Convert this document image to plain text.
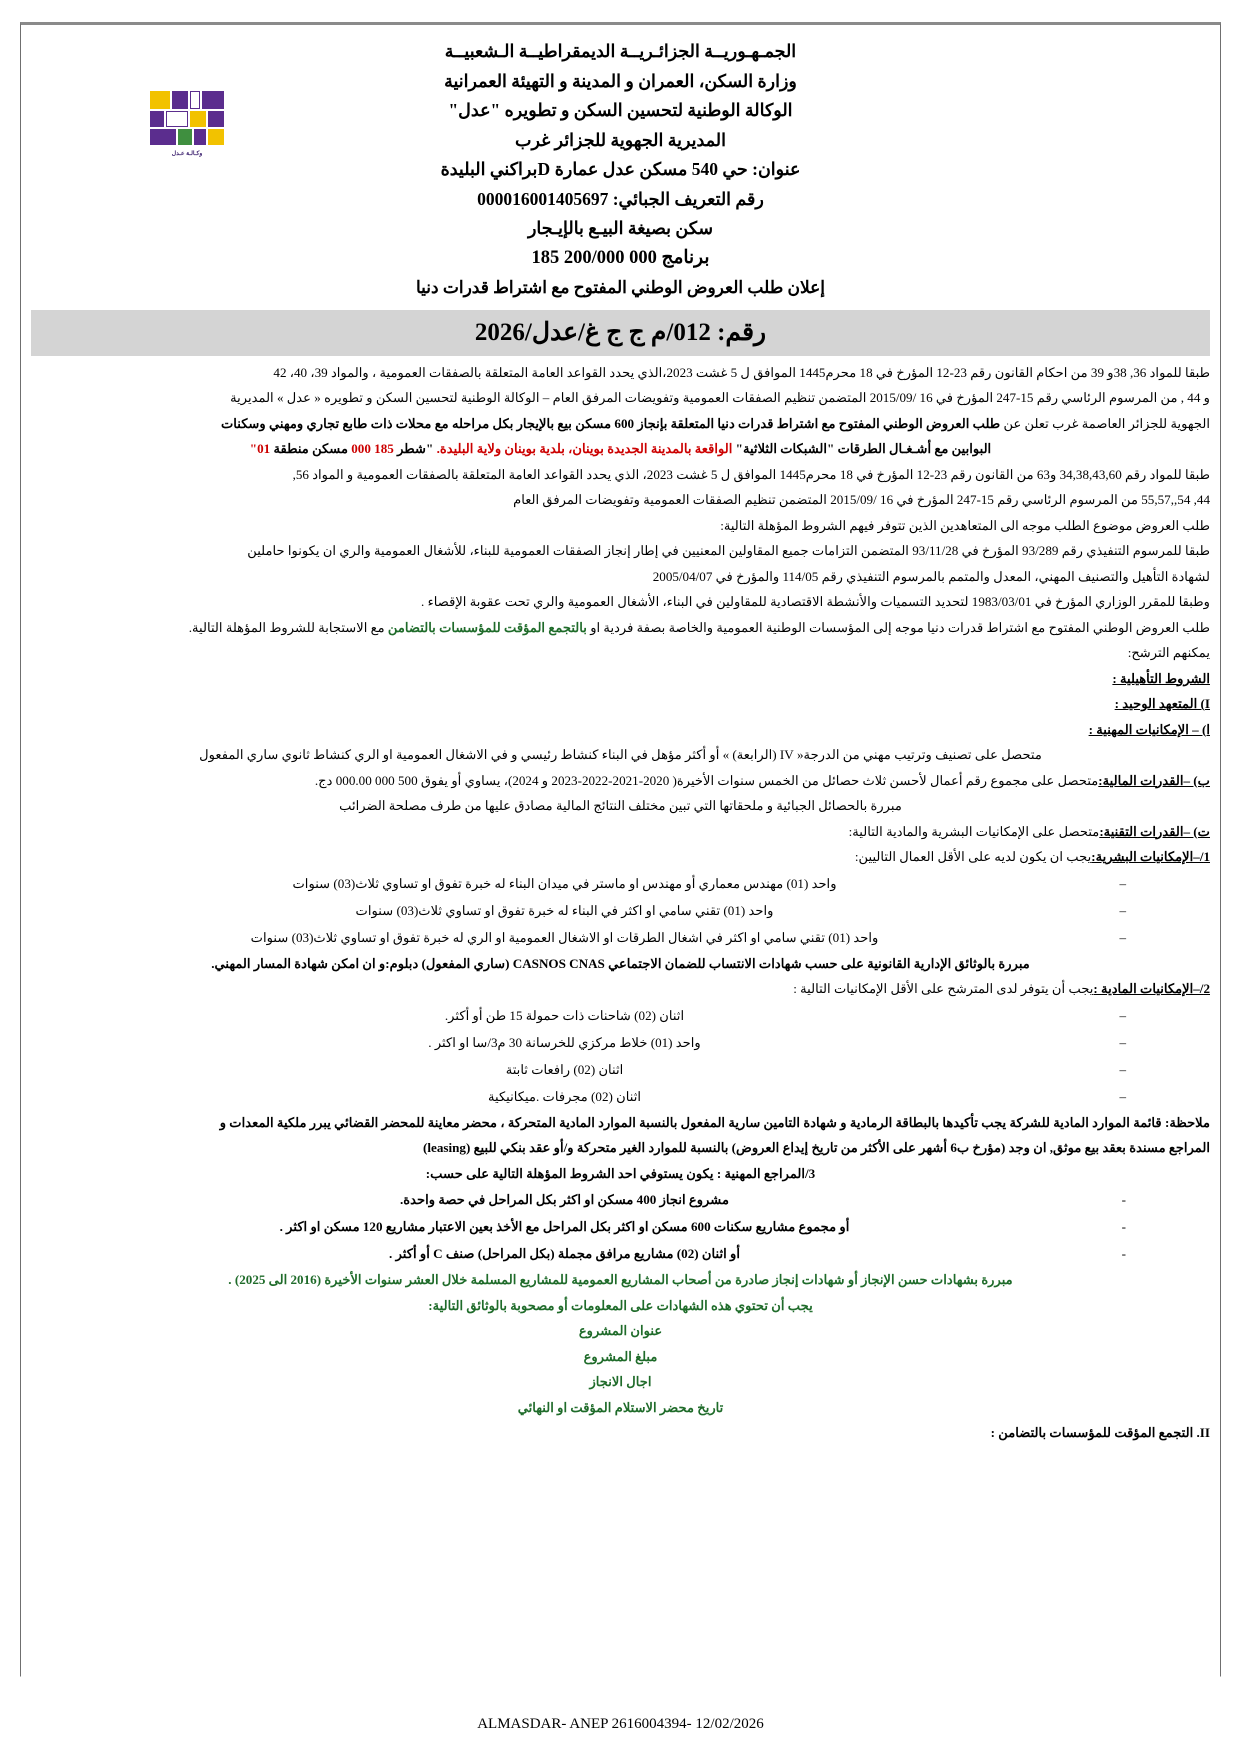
وكـالـة عـدل
الجمـهـوريــة الجزائـريــة الديمقراطيــة الـشعبيــة
وزارة السكن، العمران و المدينة و التهيئة العمرانية
الوكالة الوطنية لتحسين السكن و تطويره "عدل"
المديرية الجهوية للجزائر غرب
عنوان: حي 540 مسكن عدل عمارة Dبراكني البليدة
رقم التعريف الجبائي: 000016001405697
سكن بصيغة البيـع بالإيـجار
برنامج 000 200/000 185
إعلان طلب العروض الوطني المفتوح مع اشتراط قدرات دنيا
رقم: 012/م ج ج غ/عدل/2026

طبقا للمواد 36, 38و 39 من احكام القانون رقم 23-12 المؤرخ في 18 محرم1445 الموافق ل 5 غشت 2023،الذي يحدد القواعد العامة المتعلقة بالصفقات العمومية ، والمواد 39، 40، 42

و 44 , من المرسوم الرئاسي رقم 15-247 المؤرخ في 16 /2015/09 المتضمن تنظيم الصفقات العمومية وتفويضات المرفق العام – الوكالة الوطنية لتحسين السكن و تطويره « عدل » المديرية

الجهوية للجزائر العاصمة غرب تعلن عن طلب العروض الوطني المفتوح مع اشتراط قدرات دنيا المتعلقة بإنجاز 600 مسكن بيع بالإيجار بكل مراحله مع محلات ذات طابع تجاري ومهني وسكنات

البوابين مع أشـغـال الطرقات "الشبكات الثلاثية" الواقعة بالمدينة الجديدة بوينان، بلدية بوينان ولاية البليدة. "شطر 185 000 مسكن منطقة 01"

طبقا للمواد رقم 34,38,43,60 و63 من القانون رقم 23-12 المؤرخ في 18 محرم1445 الموافق ل 5 غشت 2023، الذي يحدد القواعد العامة المتعلقة بالصفقات العمومية و المواد 56,

44, 54,,55,57 من المرسوم الرئاسي رقم 15-247 المؤرخ في 16 /2015/09 المتضمن تنظيم الصفقات العمومية وتفويضات المرفق العام

طلب العروض موضوع الطلب موجه الى المتعاهدين الذين تتوفر فيهم الشروط المؤهلة التالية:

طبقا للمرسوم التنفيذي رقم 93/289 المؤرخ في 93/11/28 المتضمن التزامات جميع المقاولين المعنيين في إطار إنجاز الصفقات العمومية للبناء، للأشغال العمومية والري ان يكونوا حاملين

لشهادة التأهيل والتصنيف المهني، المعدل والمتمم بالمرسوم التنفيذي رقم 114/05 والمؤرخ في 2005/04/07

وطبقا للمقرر الوزاري المؤرخ في 1983/03/01 لتحديد التسميات والأنشطة الاقتصادية للمقاولين في البناء، الأشغال العمومية والري تحت عقوبة الإقصاء .

طلب العروض الوطني المفتوح مع اشتراط قدرات دنيا موجه إلى المؤسسات الوطنية العمومية والخاصة بصفة فردية او بالتجمع المؤقت للمؤسسات بالتضامن مع الاستجابة للشروط المؤهلة التالية.

يمكنهم الترشح:

الشروط التأهيلية :

I) المتعهد الوحيد :

ا) – الإمكانيات المهنية :

متحصل على تصنيف وترتيب مهني من الدرجة« IV (الرابعة) » أو أكثر مؤهل في البناء كنشاط رئيسي و في الاشغال العمومية او الري كنشاط ثانوي ساري المفعول

ب) –القدرات المالية:متحصل على مجموع رقم أعمال لأحسن ثلاث حصائل من الخمس سنوات الأخيرة( 2020-2021-2022-2023 و 2024)، يساوي أو يفوق 500 000 000.00 دج.

مبررة بالحصائل الجبائية و ملحقاتها التي تبين مختلف النتائج المالية مصادق عليها من طرف مصلحة الضرائب

ت) –القدرات التقنية:متحصل على الإمكانيات البشرية والمادية التالية:

1/–الإمكانيات البشرية:يجب ان يكون لديه على الأقل العمال التاليين:

–
واحد (01) مهندس معماري أو مهندس او ماستر في ميدان البناء له خبرة تفوق او تساوي ثلاث(03) سنوات
–
واحد (01) تقني سامي او اكثر في البناء له خبرة تفوق او تساوي ثلاث(03) سنوات
–
واحد (01) تقني سامي او اكثر في اشغال الطرقات او الاشغال العمومية او الري له خبرة تفوق او تساوي ثلاث(03) سنوات

مبررة بالوثائق الإدارية القانونية على حسب شهادات الانتساب للضمان الاجتماعي CASNOS CNAS (ساري المفعول) دبلوم:و ان امكن شهادة المسار المهني.

2/–الإمكانيات المادية :يجب أن يتوفر لدى المترشح على الأقل الإمكانيات التالية :

–
اثنان (02) شاحنات ذات حمولة 15 طن أو أكثر.
–
واحد (01) خلاط مركزي للخرسانة 30 م3/سا او اكثر .
–
اثنان (02) رافعات ثابتة
–
اثنان (02) مجرفات .ميكانيكية

ملاحظة: قائمة الموارد المادية للشركة يجب تأكيدها بالبطاقة الرمادية و شهادة التامين سارية المفعول بالنسبة الموارد المادية المتحركة ، محضر معاينة للمحضر القضائي يبرر ملكية المعدات و

المراجع مسندة بعقد بيع موثق, ان وجد (مؤرخ ب6 أشهر على الأكثر من تاريخ إيداع العروض) بالنسبة للموارد الغير متحركة و/أو عقد بنكي للبيع (leasing)

3/المراجع المهنية : يكون يستوفي احد الشروط المؤهلة التالية على حسب:

-
مشروع انجاز 400 مسكن او اكثر بكل المراحل في حصة واحدة.
-
أو مجموع مشاريع سكنات 600 مسكن او اكثر بكل المراحل مع الأخذ بعين الاعتبار مشاريع 120 مسكن او اكثر .
-
أو اثنان (02) مشاريع مرافق مجملة (بكل المراحل) صنف C أو أكثر .

مبررة بشهادات حسن الإنجاز أو شهادات إنجاز صادرة من أصحاب المشاريع العمومية للمشاريع المسلمة خلال العشر سنوات الأخيرة (2016 الى 2025) .

يجب أن تحتوي هذه الشهادات على المعلومات أو مصحوبة بالوثائق التالية:

عنوان المشروع

مبلغ المشروع

اجال الانجاز

تاريخ محضر الاستلام المؤقت او النهائي

II. التجمع المؤقت للمؤسسات بالتضامن :

ALMASDAR- ANEP 2616004394- 12/02/2026
